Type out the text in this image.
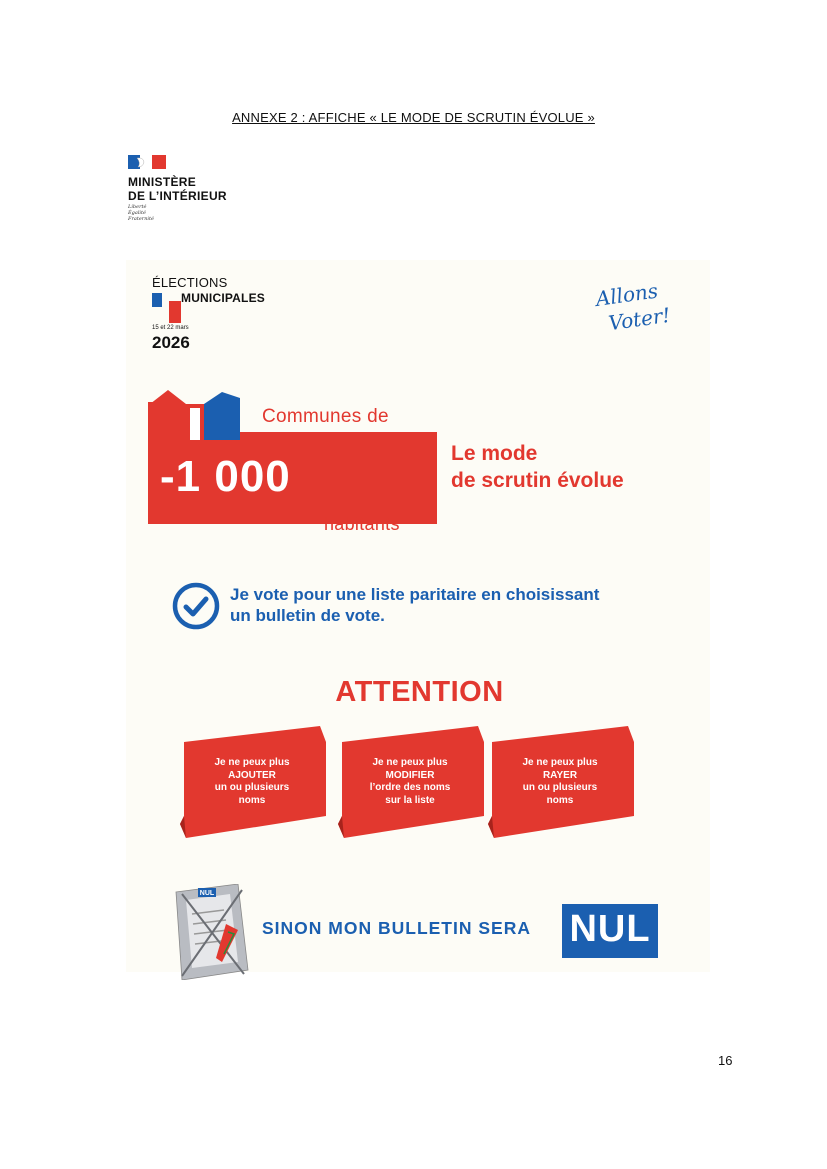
ANNEXE 2 : AFFICHE « LE MODE DE SCRUTIN ÉVOLUE »
MINISTÈRE
DE L’INTÉRIEUR
Liberté
Égalité
Fraternité
ÉLECTIONS
MUNICIPALES
15 et 22 mars
2026
Allons
Voter!
Communes de
-1 000
habitants
Le mode
de scrutin évolue
Je vote pour une liste paritaire en choisissant
un bulletin de vote.
ATTENTION
Je ne peux plus
AJOUTER
un ou plusieurs
noms
Je ne peux plus
MODIFIER
l’ordre des noms
sur la liste
Je ne peux plus
RAYER
un ou plusieurs
noms
NUL
SINON MON BULLETIN SERA NUL
16
